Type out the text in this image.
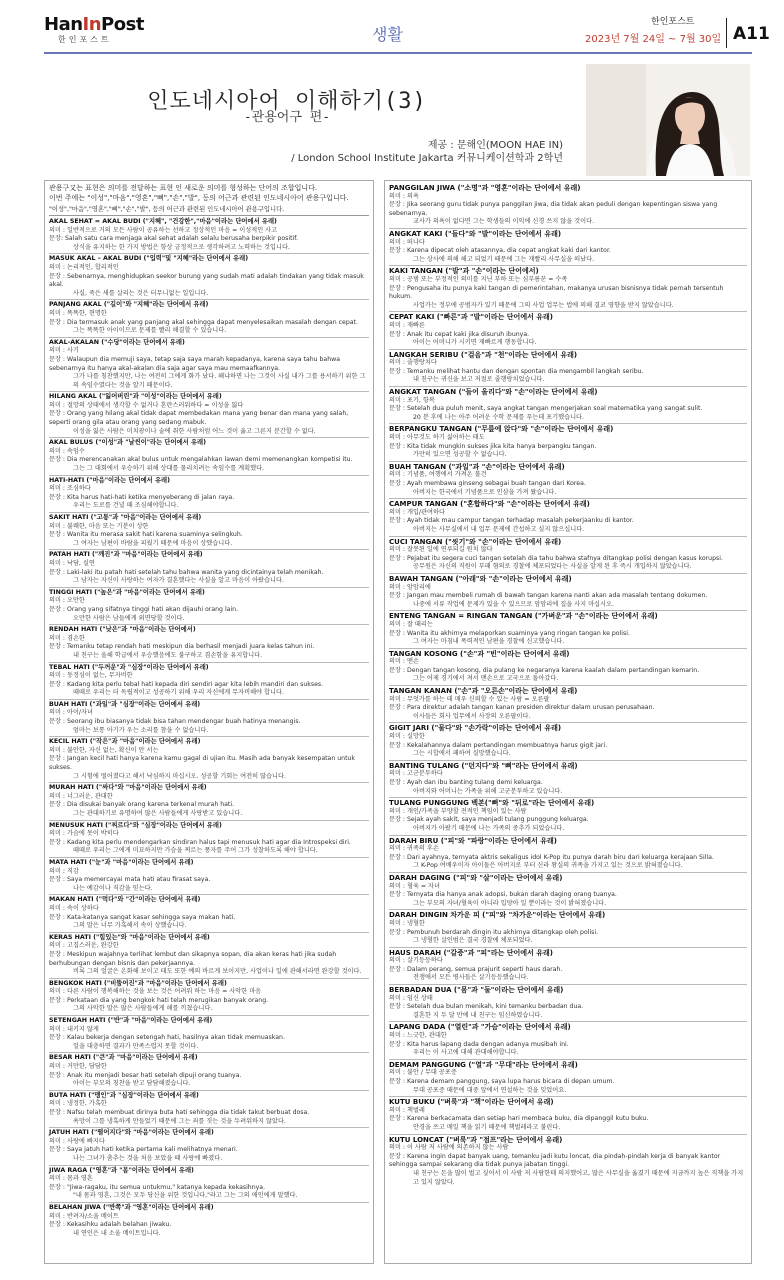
HanInPost
한인포스트	생활
한인포스트
2023년 7월 24일 ~ 7월 30일 A11
인도네시아어 이해하기(3)
-관용어구 편-
제공 : 문해인(MOON HAE IN)
/ London School Institute Jakarta 커뮤니케이션학과 2학년
관용구又는 표현은 의미를 전달하는 표현 인 새로운 의미를 형성하는 단어의 조합입니다.
이번 주에는 "이성","마음","영혼","뼈","손","발", 등의 어근과 관련된 인도네시아어 관용구입니다.
"이성","마음","영혼","뼈","손","발", 등의 어근과 관련된 인도네시아어 관용구입니다.
AKAL SEHAT = AKAL BUDI ("지혜", "건강한","마음"이라는 단어에서 유래)
의미 : 일반적으로 거의 모든 사람이 공유하는 선하고 정상적인 마음 = 이성적인 사고
문장: Salah satu cara menjaga akal sehat adalah selalu berusaha berpikir positif.
상식을 유지하는 한 가지 방법은 항상 긍정적으로 생각하려고 노력하는 것입니다.
MASUK AKAL – AKAL BUDI ("입력"및 "지혜"라는 단어에서 유래)
의미 : 논리적인, 합리적인
문장 : Sebenarnya, menghidupkan seekor burung yang sudah mati adalah tindakan yang tidak masuk akal.
사실, 죽은 새를 살리는 것은 터무니없는 일입니다.
PANJANG AKAL ("길이"와 "지혜"라는 단어에서 유래)
의미 : 똑똑한, 현명한
문장 : Dia termasuk anak yang panjang akal sehingga dapat menyelesaikan masalah dengan cepat.
그는 똑똑한 아이이므로 문제를 빨리 해결할 수 있습니다.
AKAL-AKALAN ("수당"이라는 단어에서 유래)
의미 : 사기
문장 : Walaupun dia memuji saya, tetap saja saya marah kepadanya, karena saya tahu bahwa sebenarnya itu hanya akal-akalan dia saja agar saya mau memaafkannya.
그가 나를 칭찬했지만, 나는 여전히 그에게 화가 났다. 왜냐하면 나는 그것이 사실 내가 그를 용서하기 위한 그의 속임수였다는 것을 알기 때문이다.
HILANG AKAL ("잃어버린"과 "이성"이라는 단어에서 유래)
의미 : 절망의 상태에서 생각할 수 없거나 혼란스러워하다 = 이성을 잃다
문장 : Orang yang hilang akal tidak dapat membedakan mana yang benar dan mana yang salah, seperti orang gila atau orang yang sedang mabuk.
이성을 잃은 사람은 미치광이나 술에 취한 사람처럼 어느 것이 옳고 그른지 분간할 수 없다.
AKAL BULUS ("이성"과 "날씬이"라는 단어에서 유래)
의미 : 속임수
문장 : Dia merencanakan akal bulus untuk mengalahkan lawan demi memenangkan kompetisi itu.
그는 그 대회에서 우승하기 위해 상대를 물리치려는 속임수를 계획했다.
HATI-HATI ("마음"이라는 단어에서 유래)
의미 : 조심하다
문장 : Kita harus hati-hati ketika menyeberang di jalan raya.
우리는 도로를 건널 때 조심해야합니다.
SAKIT HATI ("고통"과 "마음"이라는 단어에서 유래)
의미 : 불쾌한, 마음 또는 기분이 상한
문장 : Wanita itu merasa sakit hati karena suaminya selingkuh.
그 여자는 남편이 바람을 피웠기 때문에 마음이 상했습니다.
PATAH HATI ("깨진"과 "마음"이라는 단어에서 유래)
의미 : 낙담, 실연
문장 : Laki-laki itu patah hati setelah tahu bahwa wanita yang dicintainya telah menikah.
그 남자는 자신이 사랑하는 여자가 결혼했다는 사실을 알고 마음이 아팠습니다.
TINGGI HATI ("높은"과 "마음"이라는 단어에서 유래)
의미 : 오만한
문장 : Orang yang sifatnya tinggi hati akan dijauhi orang lain.
오만한 사람은 남들에게 외면당할 것이다.
RENDAH HATI ("낮은"과 "마음"이라는 단어에서)
의미 : 겸손한
문장 : Temanku tetap rendah hati meskipun dia berhasil menjadi juara kelas tahun ini.
내 친구는 올해 학급에서 우승했음에도 불구하고 겸손함을 유지합니다.
TEBAL HATI ("두꺼운"과 "심장"이라는 단어에서 유래)
의미 : 동정심이 없는, 무자비한
문장 : Kadang kita perlu tebal hati kepada diri sendiri agar kita lebih mandiri dan sukses.
때때로 우리는 더 독립적이고 성공하기 위해 우리 자신에게 무자비해야 합니다.
BUAH HATI ("과일"과 "심장"이라는 단어에서 유래)
의미 : 아이/자녀
문장 : Seorang ibu biasanya tidak bisa tahan mendengar buah hatinya menangis.
엄마는 보통 아기가 우는 소리를 참을 수 없습니다.
KECIL HATI ("작은"과 "마음"이라는 단어에서 유래)
의미 : 불안한, 자신 없는, 확신이 안 서는
문장 : Jangan kecil hati hanya karena kamu gagal di ujian itu. Masih ada banyak kesempatan untuk sukses.
그 시험에 떨어졌다고 해서 낙심하지 마십시오. 성공할 기회는 여전히 많습니다.
MURAH HATI ("싸다"와 "마음"이라는 단어에서 유래)
의미 : 너그러운, 관대한
문장 : Dia disukai banyak orang karena terkenal murah hati.
그는 관대하기로 유명하여 많은 사람들에게 사랑받고 있습니다.
MENUSUK HATI ("찌르다"와 "심장"이라는 단어에서 유래)
의미 : 가슴에 못이 박히다
문장 : Kadang kita perlu mendengarkan sindiran halus tapi menusuk hati agar dia Introspeksi diri.
때때로 우리는 그에게 미묘하지만 가슴을 찌르는 풍자를 주어 그가 성찰하도록 해야 합니다.
MATA HATI ("눈"과 "마음"이라는 단어에서 유래)
의미 : 직감
문장 : Saya memercayai mata hati atau firasat saya.
나는 예감이나 직감을 믿는다.
MAKAN HATI ("먹다"와 "간"이라는 단어에서 유래)
의미 : 속이 상하다
문장 : Kata-katanya sangat kasar sehingga saya makan hati.
그의 말은 너무 가혹해서 속이 상했습니다.
KERAS HATI ("힘있는"와 "마음"이라는 단어에서 유래)
의미 : 고집스러운, 완강한
문장 : Meskipun wajahnya terlihat lembut dan sikapnya sopan, dia akan keras hati jika sudah berhubungan dengan bisnis dan pekerjaannya.
비록 그의 얼굴은 온화해 보이고 태도 또한 예의 바르게 보이지만, 사업이나 일에 관해서라면 완강할 것이다.
BENGKOK HATI ("비뚤어진"과 "마음"이라는 단어에서 유래)
의미 : 다른 사람이 행복해하는 것을 보는 것은 어려워 하는 마음 = 사악한 마음
문장 : Perkataan dia yang bengkok hati telah merugikan banyak orang.
그의 사악한 말은 많은 사람들에게 해를 끼쳤습니다.
SETENGAH HATI ("반"과 "마음"이라는 단어에서 유래)
의미 : 내키지 않게
문장 : Kalau bekerja dengan setengah hati, hasilnya akan tidak memuaskan.
일을 대충하면 결과가 만족스럽지 못할 것이다.
BESAR HATI ("큰"과 "마음"이라는 단어에서 유래)
의미 : 거만한, 담담한
문장 : Anak itu menjadi besar hati setelah dipuji orang tuanya.
아이는 부모의 칭찬을 받고 담담해졌습니다.
BUTA HATI ("맹인"과 "심장"이라는 단어에서 유래)
의미 : 냉정한, 가혹한
문장 : Nafsu telah membuat dirinya buta hati sehingga dia tidak takut berbuat dosa.
욕망이 그를 냉혹하게 만들었기 때문에 그는 죄를 짓는 것을 두려워하지 않았다.
JATUH HATI ("떨어지다"와 "마음"이라는 단어에서 유래)
의미 : 사랑에 빠지다
문장 : Saya jatuh hati ketika pertama kali melihatnya menari.
나는 그녀가 춤추는 것을 처음 보았을 때 사랑에 빠졌다.
JIWA RAGA ("영혼"과 "몸"이라는 단어에서 유래)
의미 : 몸과 영혼
문장 : "Jiwa-ragaku, itu semua untukmu," katanya kepada kekasihnya.
"내 몸과 영혼, 그것은 모두 당신을 위한 것입니다,"라고 그는 그의 애인에게 말했다.
BELAHAN JIWA ("반쪽"과 "영혼"이라는 단어에서 유래)
의미 : 반려자/소울 메이트
문장 : Kekasihku adalah belahan jiwaku.
내 연인은 내 소울 메이트입니다.
PANGGILAN JIWA ("소명"과 "영혼"이라는 단어에서 유래)
의미 : 의욕
문장 : Jika seorang guru tidak punya panggilan jiwa, dia tidak akan peduli dengan kepentingan siswa yang sebenarnya.
교사가 의욕이 없다면 그는 학생들의 이익에 신경 쓰지 않을 것이다.
ANGKAT KAKI ("들다"와 "발"이라는 단어에서 유래)
의미 : 떠나다
문장 : Karena dipecat oleh atasannya, dia cepat angkat kaki dari kantor.
그는 상사에 의해 해고 되었기 때문에 그는 재빨리 사무실을 떠났다.
KAKI TANGAN ("발"과 "손"이라는 단어에서)
의미 : 공범 또는 부정적인 의미를 지닌 부하 또는 심부름꾼 = 수족
문장 : Pengusaha itu punya kaki tangan di pemerintahan, makanya urusan bisnisnya tidak pernah tersentuh hukum.
사업가는 정부에 공범자가 있기 때문에 그의 사업 업무는 법에 의해 결코 영향을 받지 않았습니다.
CEPAT KAKI ("빠른"과 "발"이라는 단어에서 유래)
의미 : 재빠른
문장 : Anak itu cepat kaki jika disuruh ibunya.
아이는 어머니가 시키면 재빠르게 행동합니다.
LANGKAH SERIBU ("걸음"과 "천"이라는 단어에서 유래)
의미 : 줄행랑치다
문장 : Temanku melihat hantu dan dengan spontan dia mengambil langkah seribu.
내 친구는 귀신을 보고 저절로 줄행랑치었습니다.
ANGKAT TANGAN ("들어 올리다"와 "손"이라는 단어에서 유래)
의미 : 포기, 항복
문장 : Setelah dua puluh menit, saya angkat tangan mengerjakan soal matematika yang sangat sulit.
20 분 후에 나는 아주 어려운 수학 문제를 푸는데 포기했습니다.
BERPANGKU TANGAN ("무릎에 앉다"와 "손"이라는 단어에서 유래)
의미 : 아무것도 하기 싫어하는 태도
문장 : Kita tidak mungkin sukses jika kita hanya berpangku tangan.
가만히 있으면 성공할 수 없습니다.
BUAH TANGAN ("과일"과 "손"이라는 단어에서 유래)
의미 : 기념품, 여행에서 가져온 물건
문장 : Ayah membawa ginseng sebagai buah tangan dari Korea.
아버지는 한국에서 기념품으로 인삼을 가져 왔습니다.
CAMPUR TANGAN ("혼합하다"와 "손"이라는 단어에서 유래)
의미 : 개입/관여하다
문장 : Ayah tidak mau campur tangan terhadap masalah pekerjaanku di kantor.
아버지는 사무실에서 내 업무 문제에 간섭하고 싶지 않으십니다.
CUCI TANGAN ("씻기"와 "손"이라는 단어에서 유래)
의미 : 잘못된 일에 연루되길 원치 않다
문장 : Pejabat itu segera cuci tangan setelah dia tahu bahwa stafnya ditangkap polisi dengan kasus korupsi.
공무원은 자신의 직원이 부패 혐의로 경찰에 체포되었다는 사실을 알게 된 후 즉시 개입하지 않았습니다.
BAWAH TANGAN ("아래"와 "손"이라는 단어에서 유래)
의미 : 암암리에
문장 : Jangan mau membeli rumah di bawah tangan karena nanti akan ada masalah tentang dokumen.
나중에 서류 작업에 문제가 있을 수 있으므로 암암리에 집을 사지 마십시오.
ENTENG TANGAN = RINGAN TANGAN ("가벼운"과 "손"이라는 단어에서 유래)
의미 : 잘 때리는
문장 : Wanita itu akhirnya melaporkan suaminya yang ringan tangan ke polisi.
그 여자는 마침내 폭력적인 남편을 경찰에 신고했습니다.
TANGAN KOSONG ("손"과 "빈"이라는 단어에서 유래)
의미 : 맨손
문장 : Dengan tangan kosong, dia pulang ke negaranya karena kaalah dalam pertandingan kemarin.
그는 어제 경기에서 져서 맨손으로 고국으로 돌아갔다.
TANGAN KANAN ("손"과 "오른손"이라는 단어에서 유래)
의미 : 무엇가를 하는 데 매우 신뢰할 수 있는 사람 = 오른팔
문장 : Para direktur adalah tangan kanan presiden direktur dalam urusan perusahaan.
이사들은 회사 업무에서 사장의 오른팔이다.
GIGIT JARI ("물다"와 "손가락"이라는 단어에서 유래)
의미 : 실망한
문장 : Kekalahannya dalam pertandingan membuatnya harus gigit jari.
그는 시합에서 패하여 실망했습니다.
BANTING TULANG ("던지다"와 "뼈"라는 단어에서 유래)
의미 : 고군분투하다
문장 : Ayah dan ibu banting tulang demi keluarga.
아버지와 어머니는 가족을 위해 고군분투하고 있습니다.
TULANG PUNGGUNG 백본("뼈"와 "뒤로"라는 단어에서 유래)
의미 : 개인/가족을 부양할 전적인 책임이 있는 사람
문장 : Sejak ayah sakit, saya menjadi tulang punggung keluarga.
아버지가 아팠기 때문에 나는 가족의 중추가 되었습니다.
DARAH BIRU ("피"와 "파랑"이라는 단어에서 유래)
의미 : 귀족의 후손
문장 : Dari ayahnya, ternyata aktris sekaligus idol K-Pop itu punya darah biru dari keluarga kerajaan Silla.
그 K-Pop 여배우이자 아이돌은 아버지로 부터 신라 왕실의 귀족을 가지고 있는 것으로 밝혀졌습니다.
DARAH DAGING ("피"와 "살"이라는 단어에서 유래)
의미 : 혈육 = 자녀
문장 : Ternyata dia hanya anak adopsi, bukan darah daging orang tuanya.
그는 부모의 자녀/혈육이 아니라 입양아 일 뿐이라는 것이 밝혀졌습니다.
DARAH DINGIN 차가운 피 ("피"와 "차가운"이라는 단어에서 유래)
의미 : 냉혈한
문장 : Pembunuh berdarah dingin itu akhirnya ditangkap oleh polisi.
그 냉혈한 살인범은 결국 경찰에 체포되었다.
HAUS DARAH ("갈증"과 "피"라는 단어에서 유래)
의미 : 살기등등하다
문장 : Dalam perang, semua prajurit seperti haus darah.
전쟁에서 모든 병사들은 살기등등했습니다.
BERBADAN DUA ("몸"과 "둘"이라는 단어에서 유래)
의미 : 임신 상태
문장 : Setelah dua bulan menikah, kini temanku berbadan dua.
결혼한 지 두 달 만에 내 친구는 임신하였습니다.
LAPANG DADA ("열린"과 "가슴"이라는 단어에서 유래)
의미 : 느긋한, 관대한
문장 : Kita harus lapang dada dengan adanya musibah ini.
우리는 이 사고에 대해 관대해야합니다.
DEMAM PANGGUNG ("열"과 "무대"라는 단어에서 유래)
의미 : 불안 / 무대 공포증
문장 : Karena demam panggung, saya lupa harus bicara di depan umum.
무대 공포증 때문에 대중 앞에서 연설하는 것을 잊었어요.
KUTU BUKU ("벼룩"과 "책"이라는 단어에서 유래)
의미 : 책벌레
문장 : Karena berkacamata dan setiap hari membaca buku, dia dipanggil kutu buku.
안경을 쓰고 매일 책을 읽기 때문에 책벌레라고 불린다.
KUTU LONCAT ("벼룩"과 "점프"라는 단어에서 유래)
의미 : 이 사람 저 사람에 의존하지 않는 사람
문장 : Karena ingin dapat banyak uang, temanku jadi kutu loncat, dia pindah-pindah kerja di banyak kantor sehingga sampai sekarang dia tidak punya jabatan tinggi.
내 친구는 돈을 많이 벌고 싶어서 이 사람 저 사람한테 의지했어고, 많은 사무실을 옮겼기 때문에 지금까지 높은 직책을 가지고 있지 않았다.
